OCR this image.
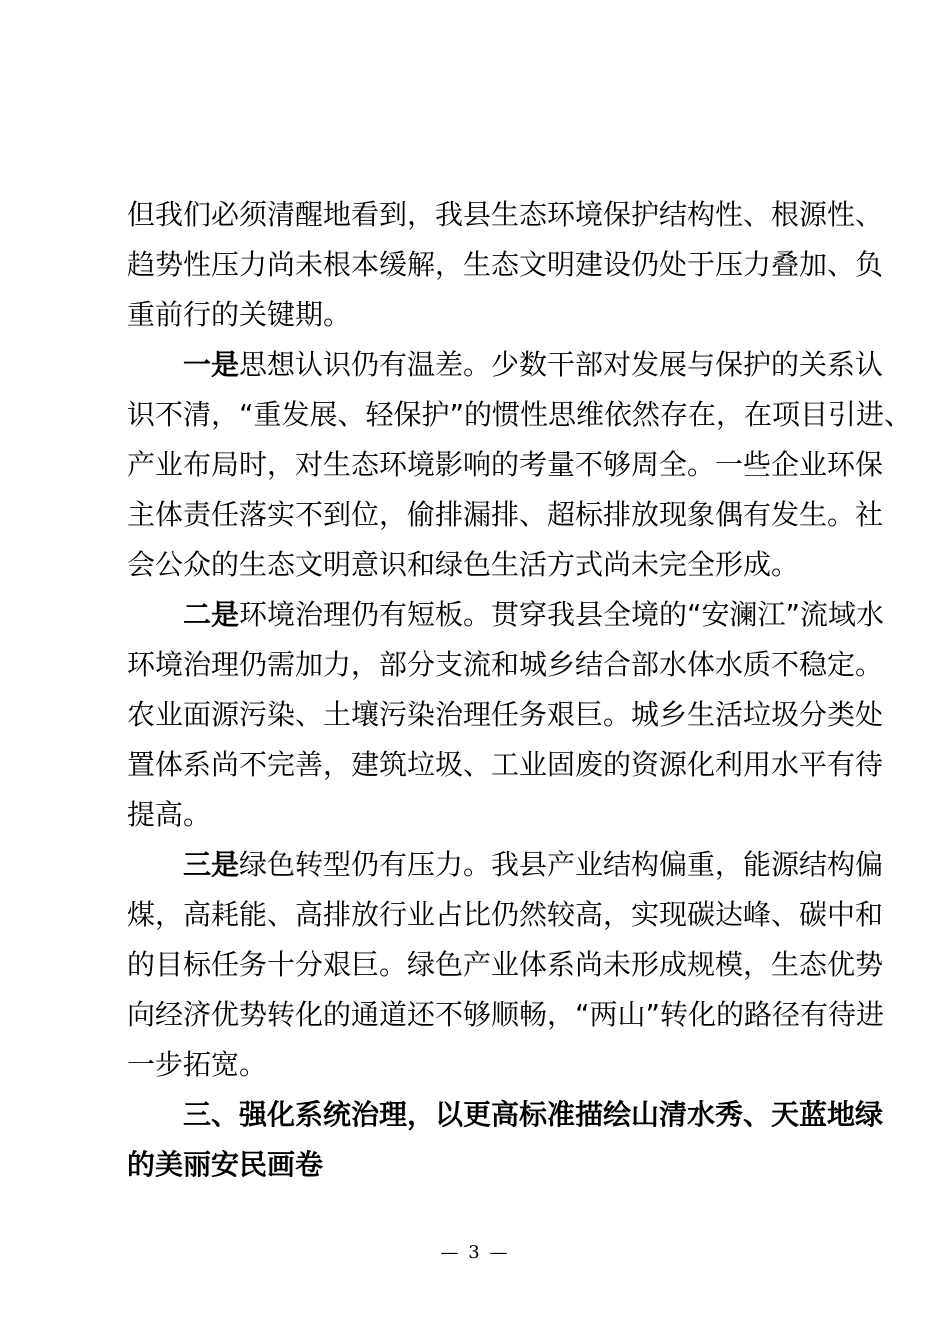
但我们必须清醒地看到，我县生态环境保护结构性、根源性、
趋势性压力尚未根本缓解，生态文明建设仍处于压力叠加、负
重前行的关键期。
一是思想认识仍有温差。少数干部对发展与保护的关系认
识不清，“重发展、轻保护”的惯性思维依然存在，在项目引进、
产业布局时，对生态环境影响的考量不够周全。一些企业环保
主体责任落实不到位，偷排漏排、超标排放现象偶有发生。社
会公众的生态文明意识和绿色生活方式尚未完全形成。
二是环境治理仍有短板。贯穿我县全境的“安澜江”流域水
环境治理仍需加力，部分支流和城乡结合部水体水质不稳定。
农业面源污染、土壤污染治理任务艰巨。城乡生活垃圾分类处
置体系尚不完善，建筑垃圾、工业固废的资源化利用水平有待
提高。
三是绿色转型仍有压力。我县产业结构偏重，能源结构偏
煤，高耗能、高排放行业占比仍然较高，实现碳达峰、碳中和
的目标任务十分艰巨。绿色产业体系尚未形成规模，生态优势
向经济优势转化的通道还不够顺畅，“两山”转化的路径有待进
一步拓宽。
三、强化系统治理，以更高标准描绘山清水秀、天蓝地绿
的美丽安民画卷
— 3 —
